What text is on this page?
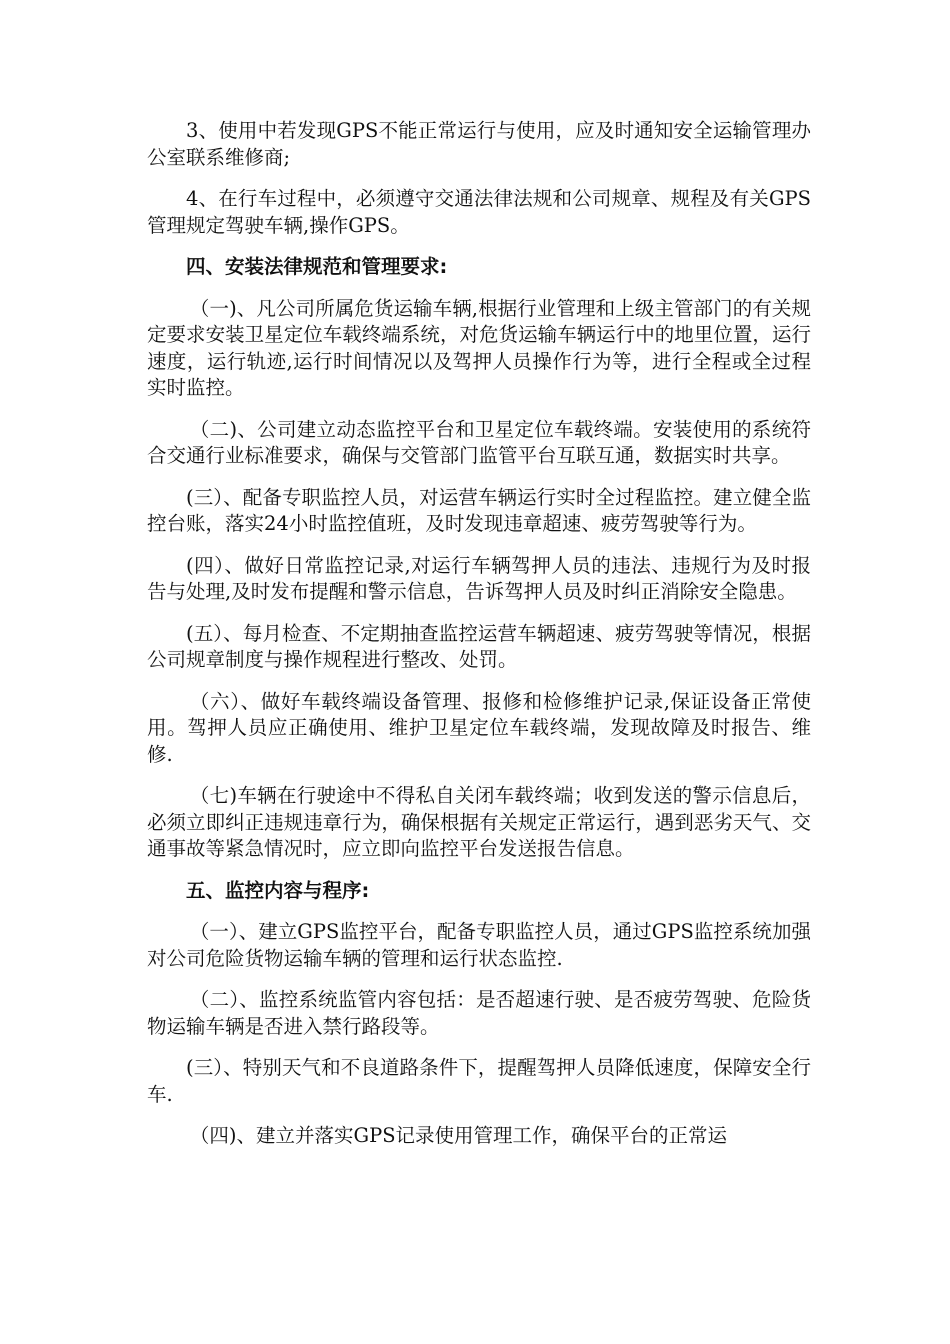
3、使用中若发现GPS不能正常运行与使用，应及时通知安全运输管理办公室联系维修商;

4、在行车过程中，必须遵守交通法律法规和公司规章、规程及有关GPS管理规定驾驶车辆,操作GPS。

四、安装法律规范和管理要求:

（一)、凡公司所属危货运输车辆,根据行业管理和上级主管部门的有关规定要求安装卫星定位车载终端系统，对危货运输车辆运行中的地里位置，运行速度，运行轨迹,运行时间情况以及驾押人员操作行为等，进行全程或全过程实时监控。

（二)、公司建立动态监控平台和卫星定位车载终端。安装使用的系统符合交通行业标准要求，确保与交管部门监管平台互联互通，数据实时共享。

(三）、配备专职监控人员，对运营车辆运行实时全过程监控。建立健全监控台账，落实24小时监控值班，及时发现违章超速、疲劳驾驶等行为。

(四）、做好日常监控记录,对运行车辆驾押人员的违法、违规行为及时报告与处理,及时发布提醒和警示信息，告诉驾押人员及时纠正消除安全隐患。

(五）、每月检查、不定期抽查监控运营车辆超速、疲劳驾驶等情况，根据公司规章制度与操作规程进行整改、处罚。

（六）、做好车载终端设备管理、报修和检修维护记录,保证设备正常使用。驾押人员应正确使用、维护卫星定位车载终端，发现故障及时报告、维修.

（七)车辆在行驶途中不得私自关闭车载终端；收到发送的警示信息后，必须立即纠正违规违章行为，确保根据有关规定正常运行，遇到恶劣天气、交通事故等紧急情况时，应立即向监控平台发送报告信息。

五、监控内容与程序:

（一）、建立GPS监控平台，配备专职监控人员，通过GPS监控系统加强对公司危险货物运输车辆的管理和运行状态监控.

（二）、监控系统监管内容包括：是否超速行驶、是否疲劳驾驶、危险货物运输车辆是否进入禁行路段等。

(三）、特别天气和不良道路条件下，提醒驾押人员降低速度，保障安全行车.

（四)、建立并落实GPS记录使用管理工作，确保平台的正常运
